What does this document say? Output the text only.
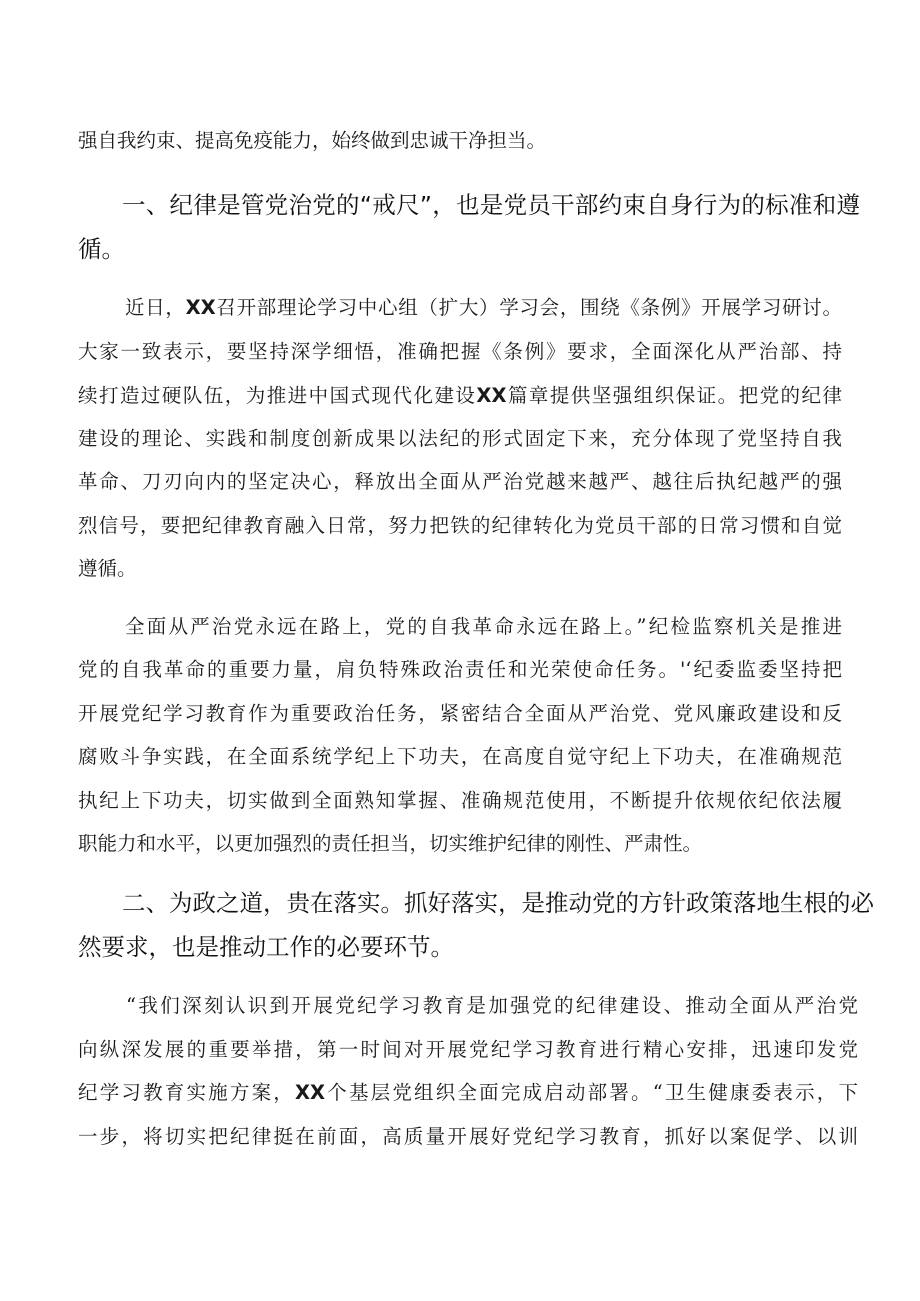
强自我约束、提高免疫能力，始终做到忠诚干净担当。

一、纪律是管党治党的“戒尺”，也是党员干部约束自身行为的标准和遵

循。

近日，XX召开部理论学习中心组（扩大）学习会，围绕《条例》开展学习研讨。

大家一致表示，要坚持深学细悟，准确把握《条例》要求，全面深化从严治部、持

续打造过硬队伍，为推进中国式现代化建设XX篇章提供坚强组织保证。把党的纪律

建设的理论、实践和制度创新成果以法纪的形式固定下来，充分体现了党坚持自我

革命、刀刃向内的坚定决心，释放出全面从严治党越来越严、越往后执纪越严的强

烈信号，要把纪律教育融入日常，努力把铁的纪律转化为党员干部的日常习惯和自觉

遵循。

全面从严治党永远在路上，党的自我革命永远在路上。”纪检监察机关是推进

党的自我革命的重要力量，肩负特殊政治责任和光荣使命任务。'‘纪委监委坚持把

开展党纪学习教育作为重要政治任务，紧密结合全面从严治党、党风廉政建设和反

腐败斗争实践，在全面系统学纪上下功夫，在高度自觉守纪上下功夫，在准确规范

执纪上下功夫，切实做到全面熟知掌握、准确规范使用，不断提升依规依纪依法履

职能力和水平，以更加强烈的责任担当，切实维护纪律的刚性、严肃性。

二、为政之道，贵在落实。抓好落实，是推动党的方针政策落地生根的必

然要求，也是推动工作的必要环节。

“我们深刻认识到开展党纪学习教育是加强党的纪律建设、推动全面从严治党

向纵深发展的重要举措，第一时间对开展党纪学习教育进行精心安排，迅速印发党

纪学习教育实施方案，XX个基层党组织全面完成启动部署。“卫生健康委表示，下

一步，将切实把纪律挺在前面，高质量开展好党纪学习教育，抓好以案促学、以训
